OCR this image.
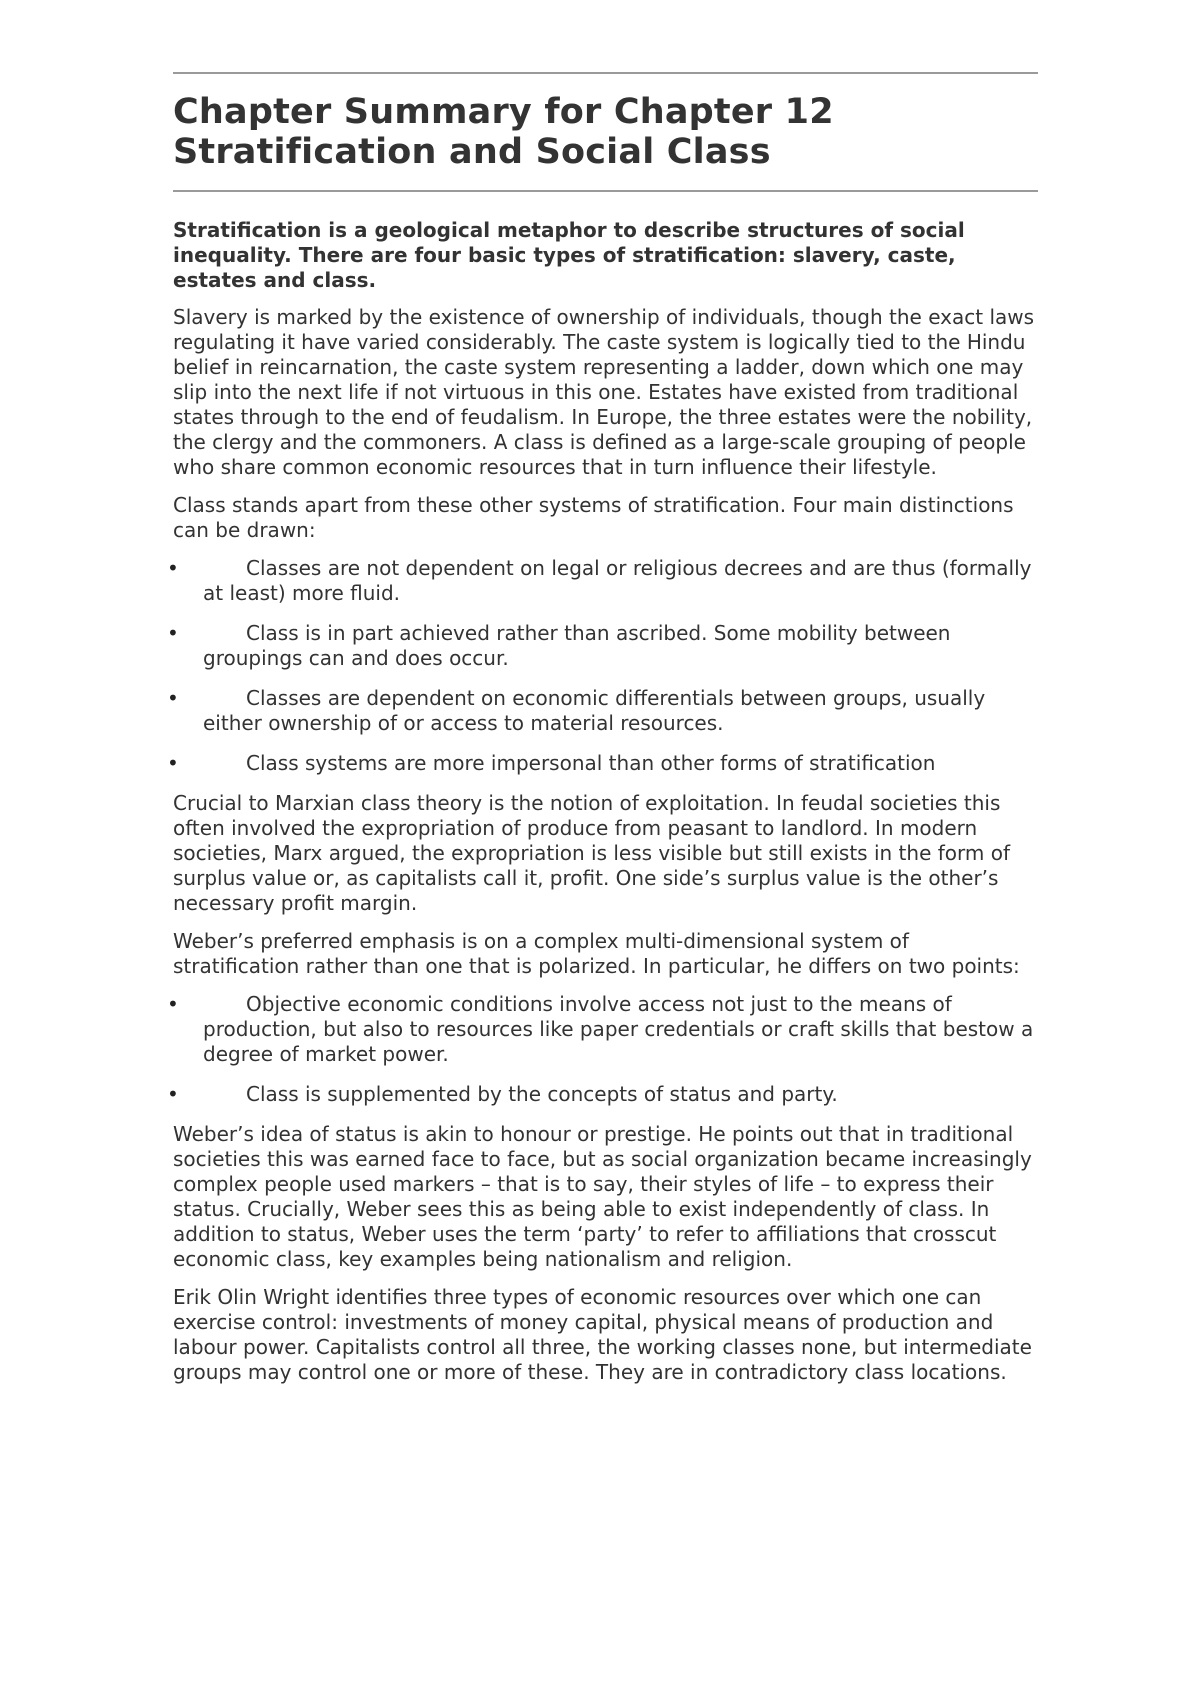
Chapter Summary for Chapter 12
Stratification and Social Class

Stratification is a geological metaphor to describe structures of social inequality. There are four basic types of stratification: slavery, caste, estates and class.

Slavery is marked by the existence of ownership of individuals, though the exact laws regulating it have varied considerably. The caste system is logically tied to the Hindu belief in reincarnation, the caste system representing a ladder, down which one may slip into the next life if not virtuous in this one. Estates have existed from traditional states through to the end of feudalism. In Europe, the three estates were the nobility, the clergy and the commoners. A class is defined as a large-scale grouping of people who share common economic resources that in turn influence their lifestyle.

Class stands apart from these other systems of stratification. Four main distinctions can be drawn:

•	Classes are not dependent on legal or religious decrees and are thus (formally at least) more fluid.
•	Class is in part achieved rather than ascribed. Some mobility between groupings can and does occur.
•	Classes are dependent on economic differentials between groups, usually either ownership of or access to material resources.
•	Class systems are more impersonal than other forms of stratification

Crucial to Marxian class theory is the notion of exploitation. In feudal societies this often involved the expropriation of produce from peasant to landlord. In modern societies, Marx argued, the expropriation is less visible but still exists in the form of surplus value or, as capitalists call it, profit. One side’s surplus value is the other’s necessary profit margin.

Weber’s preferred emphasis is on a complex multi-dimensional system of stratification rather than one that is polarized. In particular, he differs on two points:

•	Objective economic conditions involve access not just to the means of production, but also to resources like paper credentials or craft skills that bestow a degree of market power.
•	Class is supplemented by the concepts of status and party.

Weber’s idea of status is akin to honour or prestige. He points out that in traditional societies this was earned face to face, but as social organization became increasingly complex people used markers – that is to say, their styles of life – to express their status. Crucially, Weber sees this as being able to exist independently of class. In addition to status, Weber uses the term ‘party’ to refer to affiliations that crosscut economic class, key examples being nationalism and religion.

Erik Olin Wright identifies three types of economic resources over which one can exercise control: investments of money capital, physical means of production and labour power. Capitalists control all three, the working classes none, but intermediate groups may control one or more of these. They are in contradictory class locations.
